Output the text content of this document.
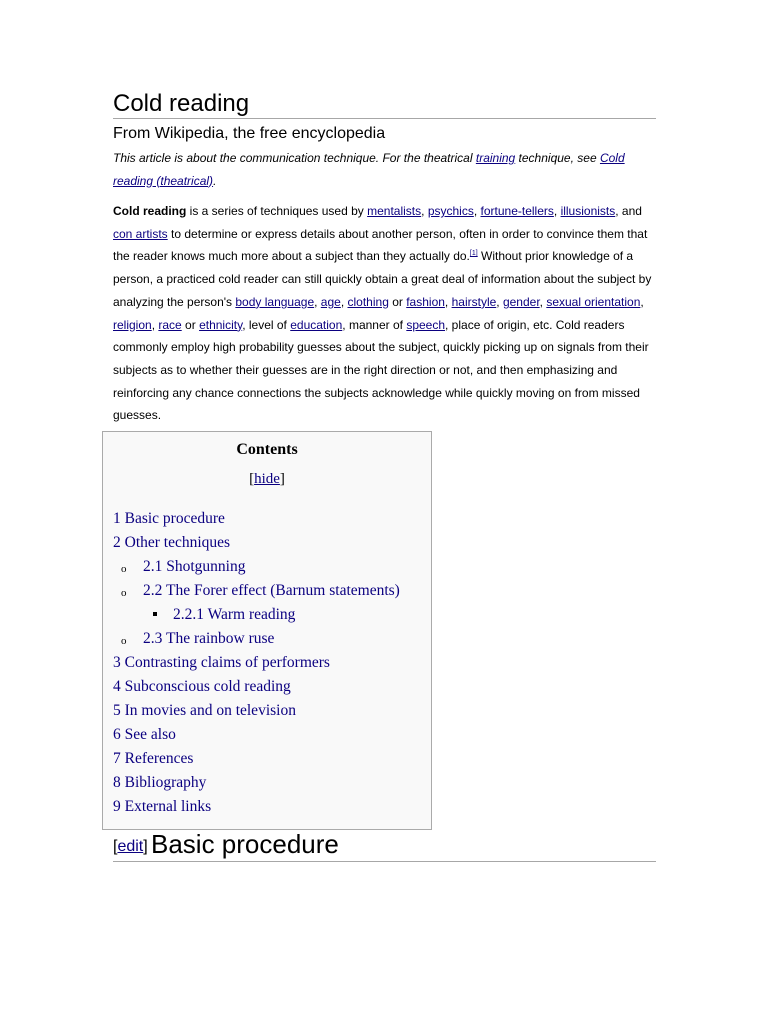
Cold reading
From Wikipedia, the free encyclopedia
This article is about the communication technique. For the theatrical training technique, see Cold reading (theatrical).
Cold reading is a series of techniques used by mentalists, psychics, fortune-tellers, illusionists, and con artists to determine or express details about another person, often in order to convince them that the reader knows much more about a subject than they actually do.[1] Without prior knowledge of a person, a practiced cold reader can still quickly obtain a great deal of information about the subject by analyzing the person's body language, age, clothing or fashion, hairstyle, gender, sexual orientation, religion, race or ethnicity, level of education, manner of speech, place of origin, etc. Cold readers commonly employ high probability guesses about the subject, quickly picking up on signals from their subjects as to whether their guesses are in the right direction or not, and then emphasizing and reinforcing any chance connections the subjects acknowledge while quickly moving on from missed guesses.
Contents
[hide]
1 Basic procedure
2 Other techniques
o 2.1 Shotgunning
o 2.2 The Forer effect (Barnum statements)
2.2.1 Warm reading
o 2.3 The rainbow ruse
3 Contrasting claims of performers
4 Subconscious cold reading
5 In movies and on television
6 See also
7 References
8 Bibliography
9 External links
[edit] Basic procedure
